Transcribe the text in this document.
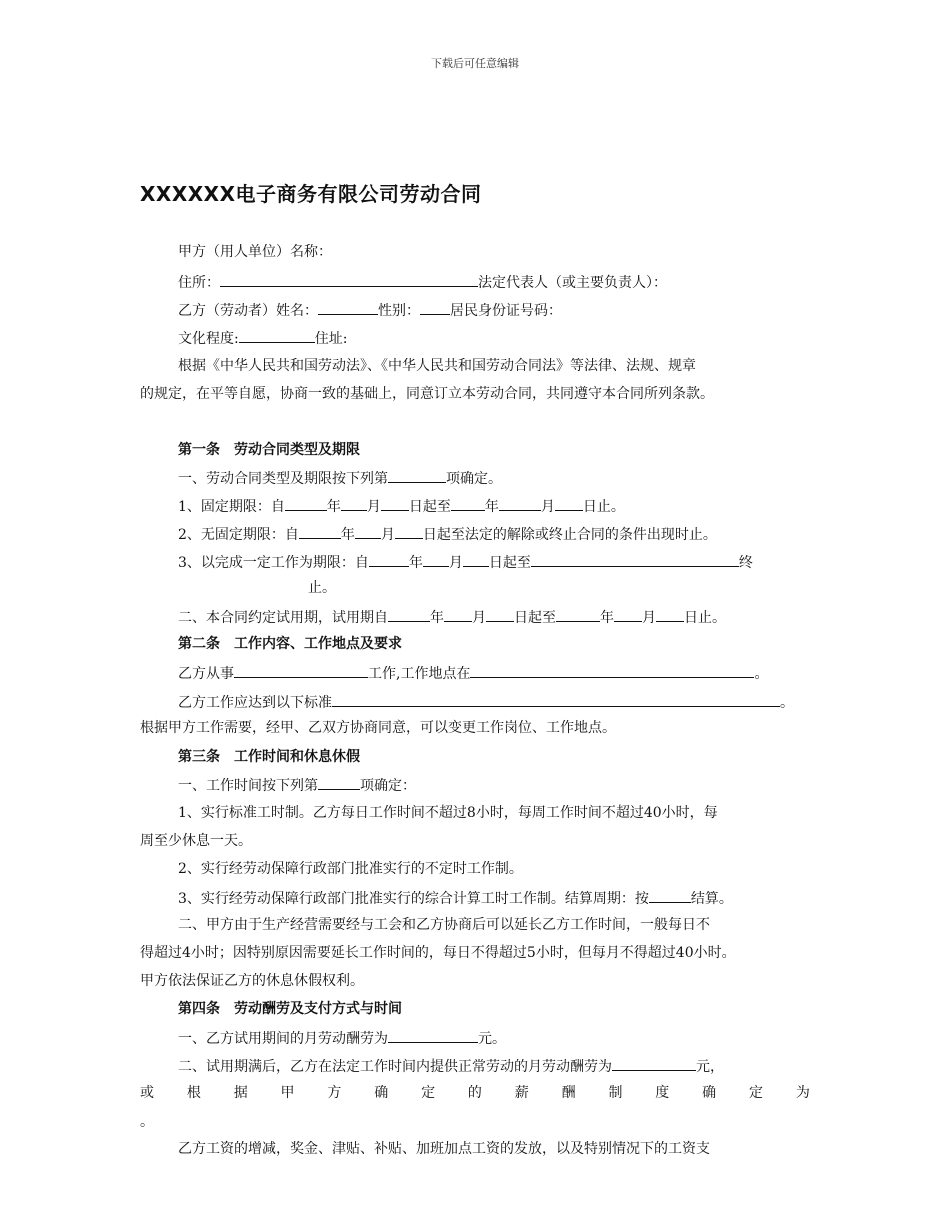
下载后可任意编辑
XXXXXX电子商务有限公司劳动合同
甲方（用人单位）名称：
住所：	法定代表人（或主要负责人）：
乙方（劳动者）姓名：	性别： 居民身份证号码：
文化程度:	住址:
根据《中华人民共和国劳动法》、《中华人民共和国劳动合同法》等法律、法规、规章
的规定，在平等自愿，协商一致的基础上，同意订立本劳动合同，共同遵守本合同所列条款。
第一条　劳动合同类型及期限
一、劳动合同类型及期限按下列第	项确定。
1、固定期限：自	年 月 日起至 年	月 日止。
2、无固定期限：自	年 月 日起至法定的解除或终止合同的条件出现时止。
3、以完成一定工作为期限：自	年 月 日起至	终
止。
二、本合同约定试用期，试用期自	年 月 日起至	年 月 日止。
第二条　工作内容、工作地点及要求
乙方从事	工作,工作地点在	。
乙方工作应达到以下标准	。
根据甲方工作需要，经甲、乙双方协商同意，可以变更工作岗位、工作地点。
第三条　工作时间和休息休假
一、工作时间按下列第	项确定：
1、实行标准工时制。乙方每日工作时间不超过8小时，每周工作时间不超过40小时，每
周至少休息一天。
2、实行经劳动保障行政部门批准实行的不定时工作制。
3、实行经劳动保障行政部门批准实行的综合计算工时工作制。结算周期：按	结算。
二、甲方由于生产经营需要经与工会和乙方协商后可以延长乙方工作时间，一般每日不
得超过4小时；因特别原因需要延长工作时间的，每日不得超过5小时，但每月不得超过40小时。
甲方依法保证乙方的休息休假权利。
第四条　劳动酬劳及支付方式与时间
一、乙方试用期间的月劳动酬劳为	元。
二、试用期满后，乙方在法定工作时间内提供正常劳动的月劳动酬劳为	元，
或 根 据 甲 方 确 定 的 薪 酬 制 度 确 定 为
。
乙方工资的增减，奖金、津贴、补贴、加班加点工资的发放，以及特别情况下的工资支
